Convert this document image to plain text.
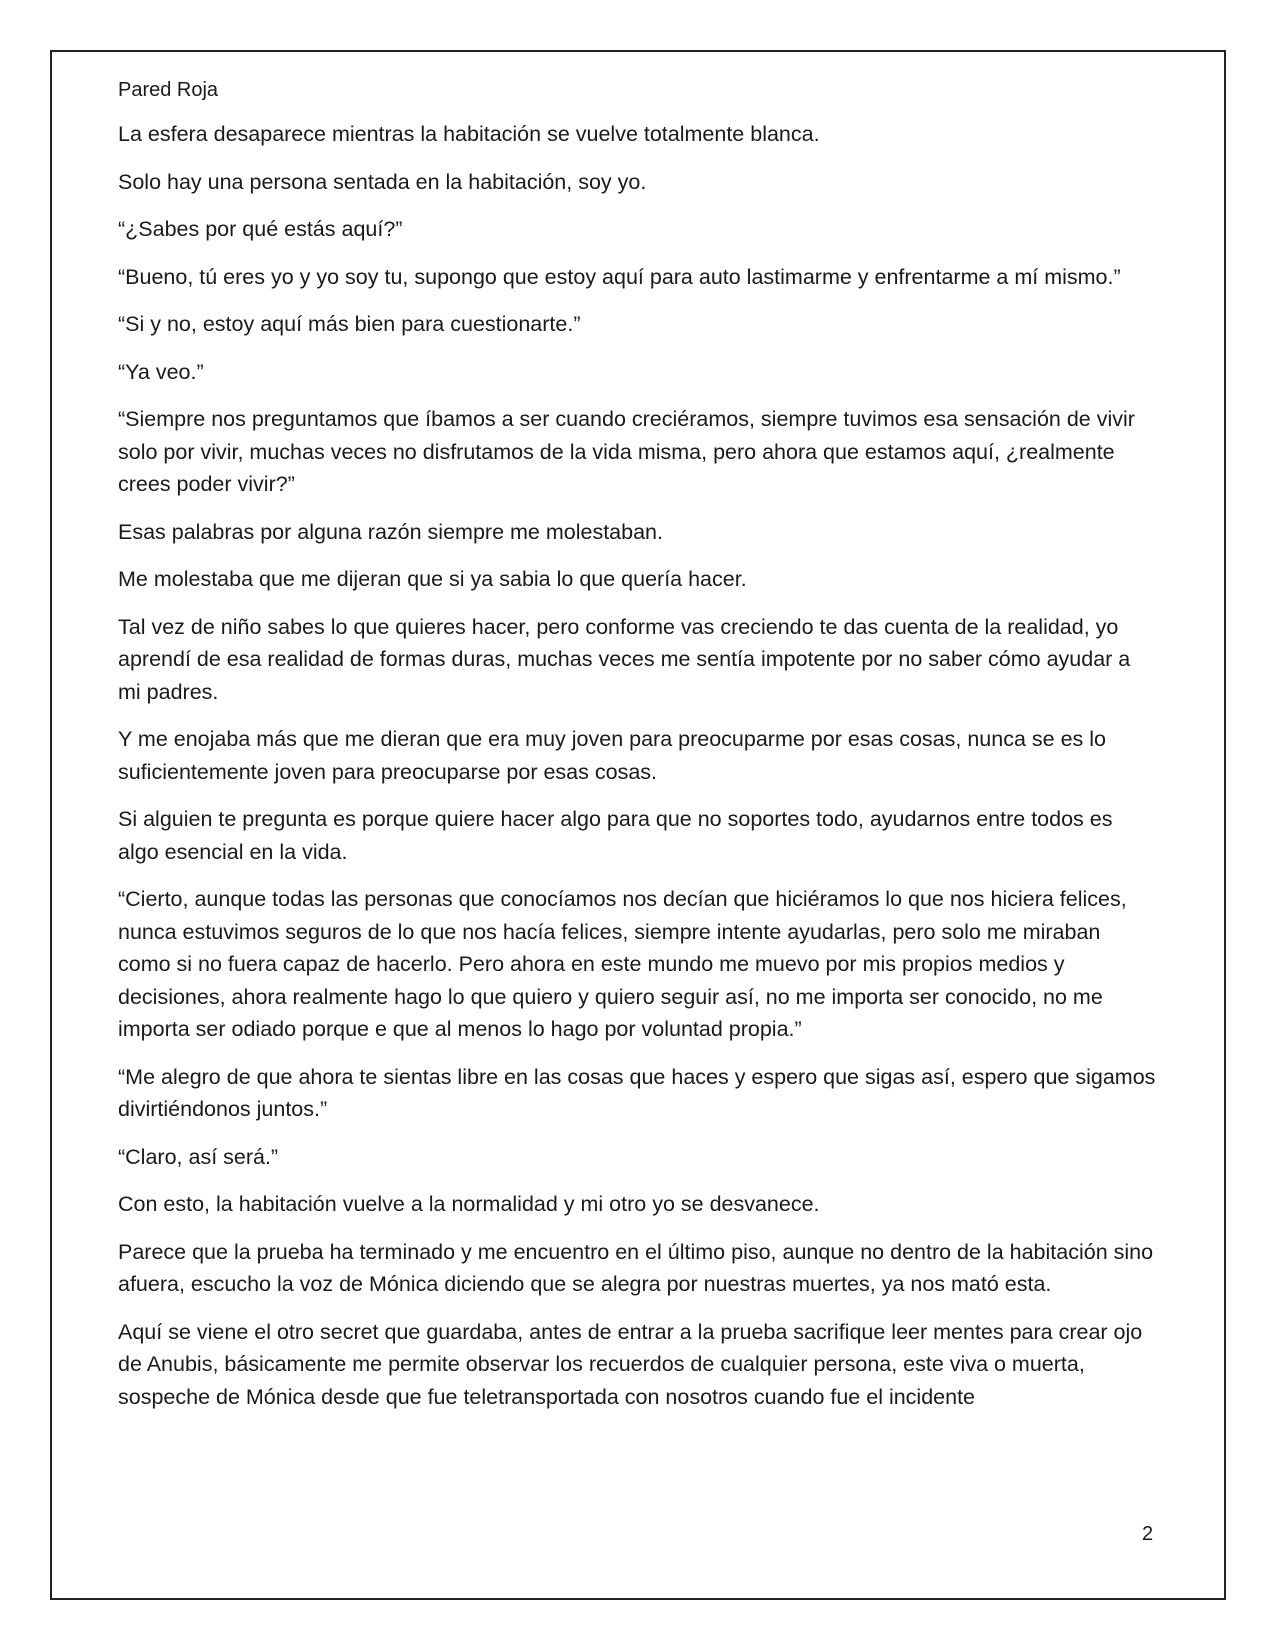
Pared Roja

La esfera desaparece mientras la habitación se vuelve totalmente blanca.

Solo hay una persona sentada en la habitación, soy yo.

“¿Sabes por qué estás aquí?”

“Bueno, tú eres yo y yo soy tu, supongo que estoy aquí para auto lastimarme y enfrentarme a mí mismo.”

“Si y no, estoy aquí más bien para cuestionarte.”

“Ya veo.”

“Siempre nos preguntamos que íbamos a ser cuando creciéramos, siempre tuvimos esa sensación de vivir solo por vivir, muchas veces no disfrutamos de la vida misma, pero ahora que estamos aquí, ¿realmente crees poder vivir?”

Esas palabras por alguna razón siempre me molestaban.

Me molestaba que me dijeran que si ya sabia lo que quería hacer.

Tal vez de niño sabes lo que quieres hacer, pero conforme vas creciendo te das cuenta de la realidad, yo aprendí de esa realidad de formas duras, muchas veces me sentía impotente por no saber cómo ayudar a mi padres.

Y me enojaba más que me dieran que era muy joven para preocuparme por esas cosas, nunca se es lo suficientemente joven para preocuparse por esas cosas.

Si alguien te pregunta es porque quiere hacer algo para que no soportes todo, ayudarnos entre todos es algo esencial en la vida.

“Cierto, aunque todas las personas que conocíamos nos decían que hiciéramos lo que nos hiciera felices, nunca estuvimos seguros de lo que nos hacía felices, siempre intente ayudarlas, pero solo me miraban como si no fuera capaz de hacerlo. Pero ahora en este mundo me muevo por mis propios medios y decisiones, ahora realmente hago lo que quiero y quiero seguir así, no me importa ser conocido, no me importa ser odiado porque e que al menos lo hago por voluntad propia.”

“Me alegro de que ahora te sientas libre en las cosas que haces y espero que sigas así, espero que sigamos divirtiéndonos juntos.”

“Claro, así será.”

Con esto, la habitación vuelve a la normalidad y mi otro yo se desvanece.

Parece que la prueba ha terminado y me encuentro en el último piso, aunque no dentro de la habitación sino afuera, escucho la voz de Mónica diciendo que se alegra por nuestras muertes, ya nos mató esta.

Aquí se viene el otro secret que guardaba, antes de entrar a la prueba sacrifique leer mentes para crear ojo de Anubis, básicamente me permite observar los recuerdos de cualquier persona, este viva o muerta, sospeche de Mónica desde que fue teletransportada con nosotros cuando fue el incidente

2
